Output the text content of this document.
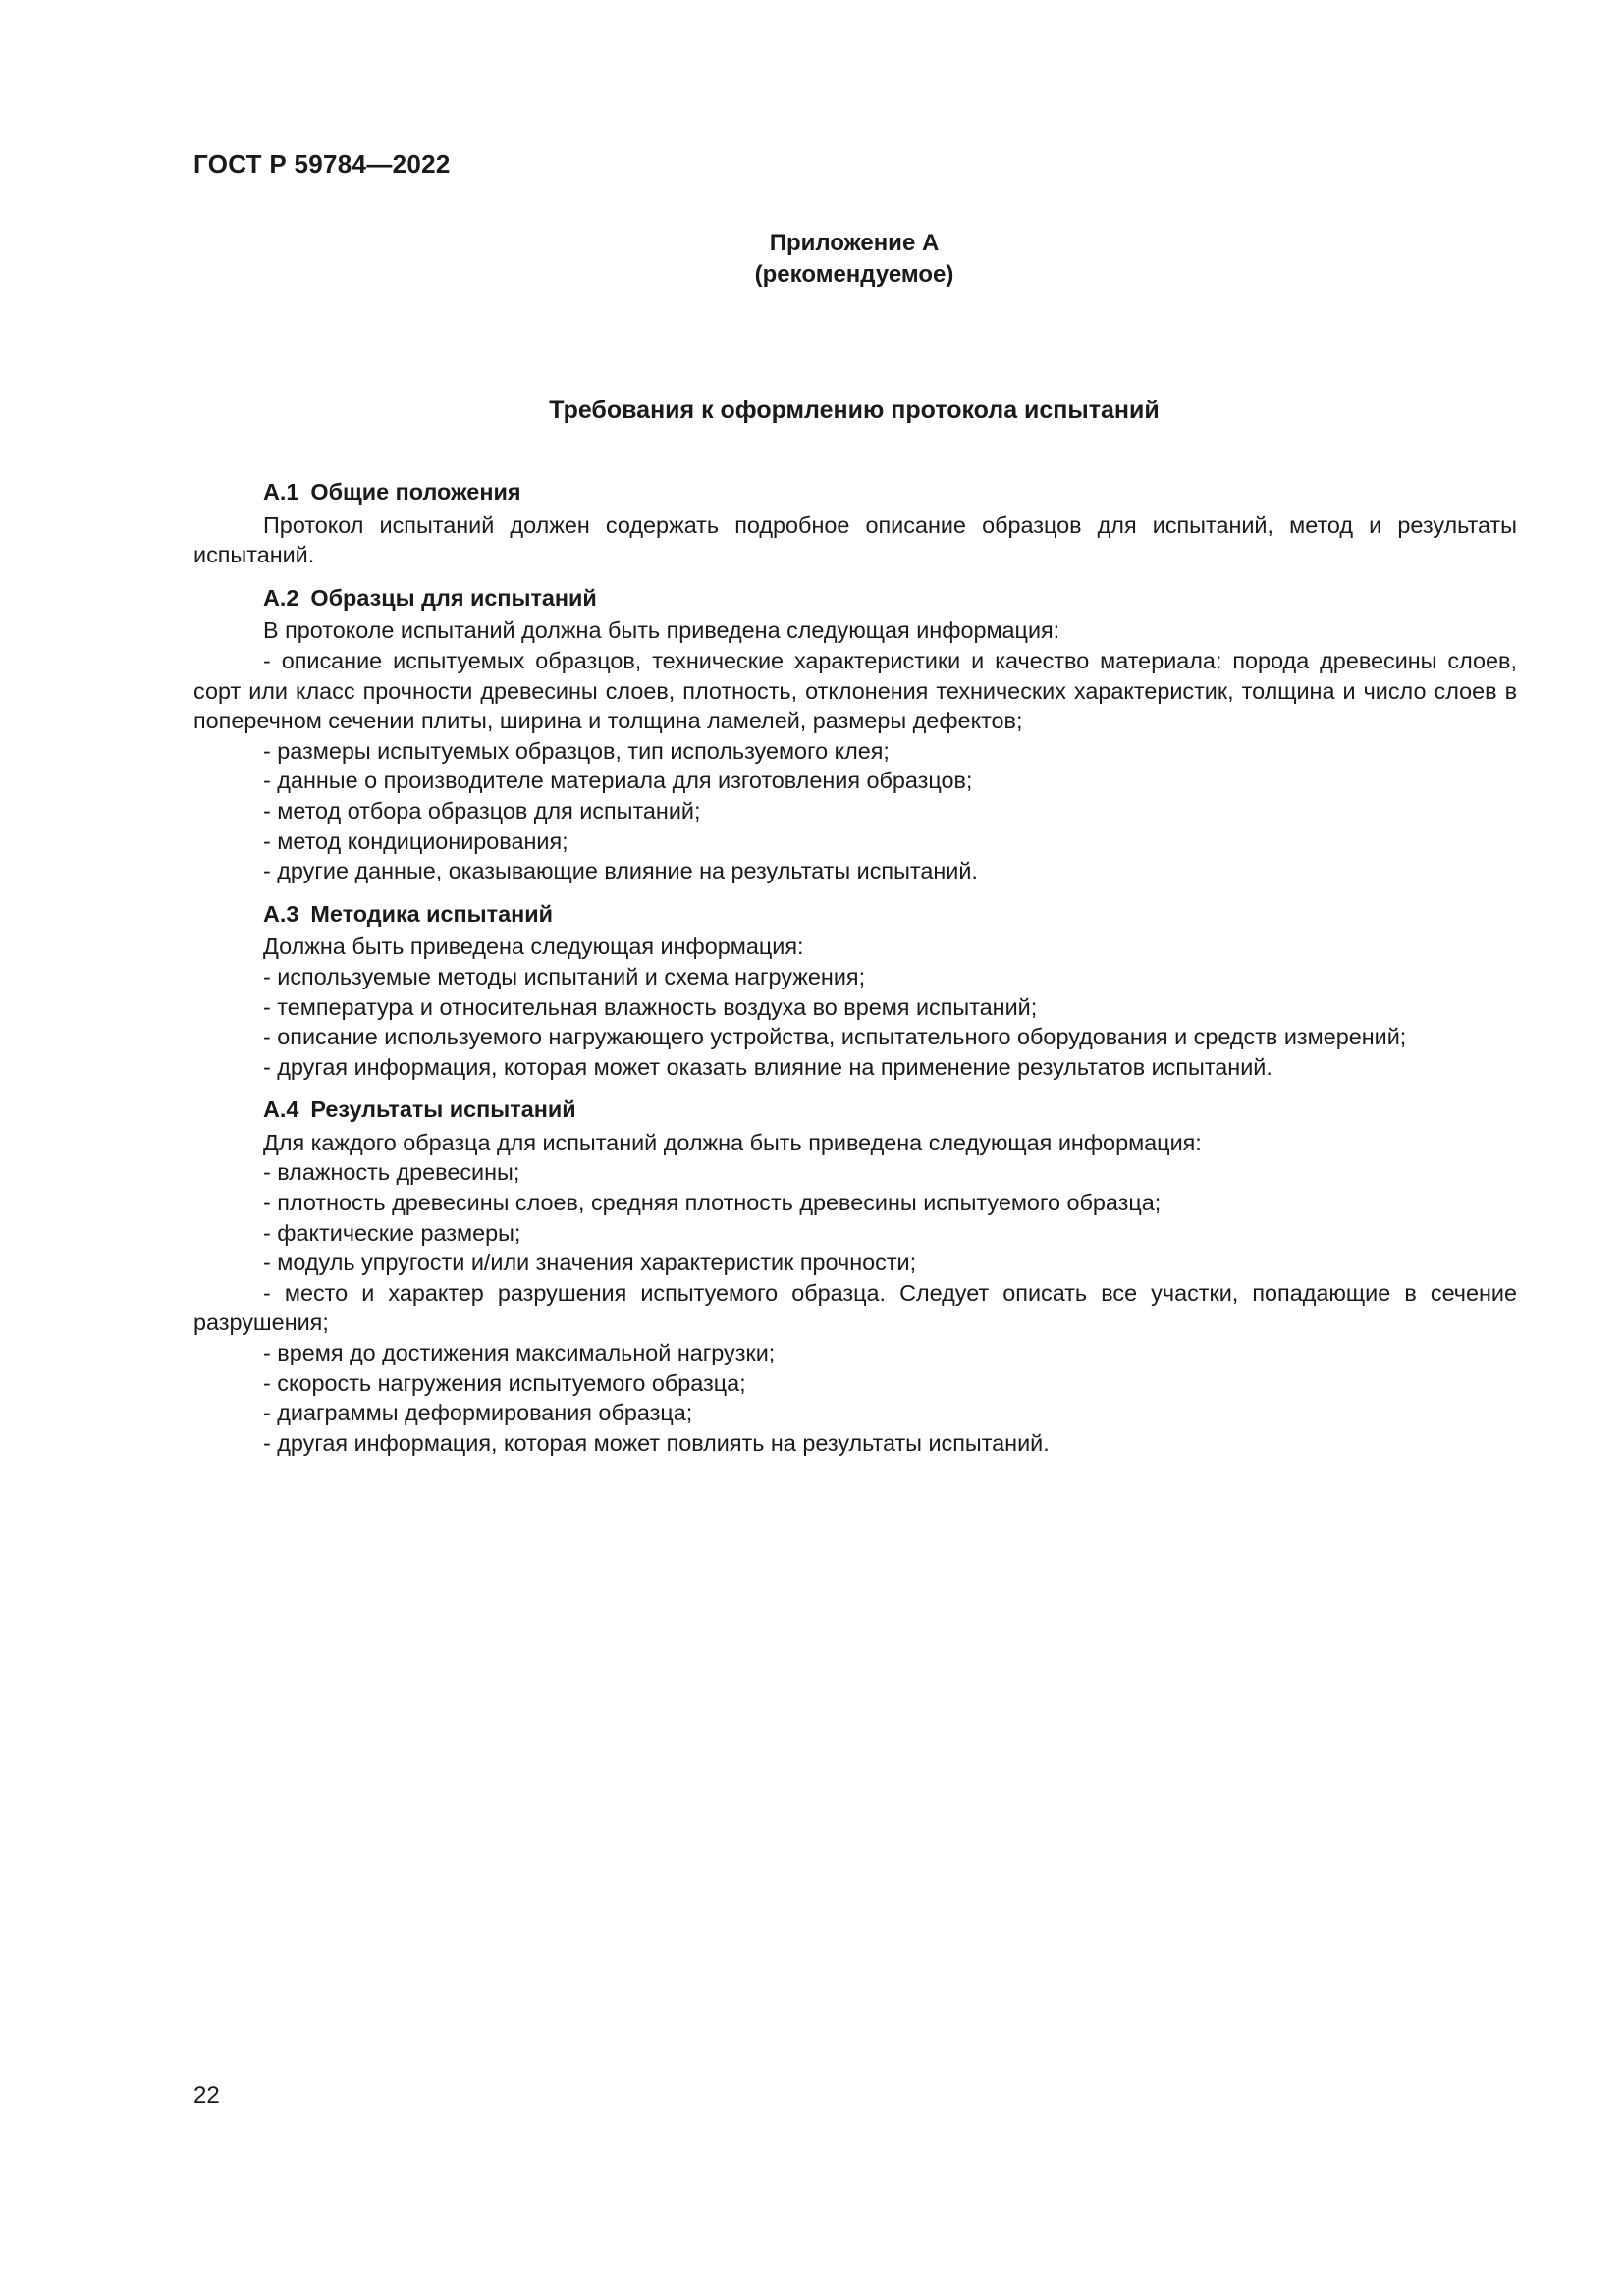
ГОСТ Р 59784—2022
Приложение А
(рекомендуемое)
Требования к оформлению протокола испытаний
А.1 Общие положения
Протокол испытаний должен содержать подробное описание образцов для испытаний, метод и результаты испытаний.
А.2 Образцы для испытаний
В протоколе испытаний должна быть приведена следующая информация:
- описание испытуемых образцов, технические характеристики и качество материала: порода древесины слоев, сорт или класс прочности древесины слоев, плотность, отклонения технических характеристик, толщина и число слоев в поперечном сечении плиты, ширина и толщина ламелей, размеры дефектов;
- размеры испытуемых образцов, тип используемого клея;
- данные о производителе материала для изготовления образцов;
- метод отбора образцов для испытаний;
- метод кондиционирования;
- другие данные, оказывающие влияние на результаты испытаний.
А.3 Методика испытаний
Должна быть приведена следующая информация:
- используемые методы испытаний и схема нагружения;
- температура и относительная влажность воздуха во время испытаний;
- описание используемого нагружающего устройства, испытательного оборудования и средств измерений;
- другая информация, которая может оказать влияние на применение результатов испытаний.
А.4 Результаты испытаний
Для каждого образца для испытаний должна быть приведена следующая информация:
- влажность древесины;
- плотность древесины слоев, средняя плотность древесины испытуемого образца;
- фактические размеры;
- модуль упругости и/или значения характеристик прочности;
- место и характер разрушения испытуемого образца. Следует описать все участки, попадающие в сечение разрушения;
- время до достижения максимальной нагрузки;
- скорость нагружения испытуемого образца;
- диаграммы деформирования образца;
- другая информация, которая может повлиять на результаты испытаний.
22
